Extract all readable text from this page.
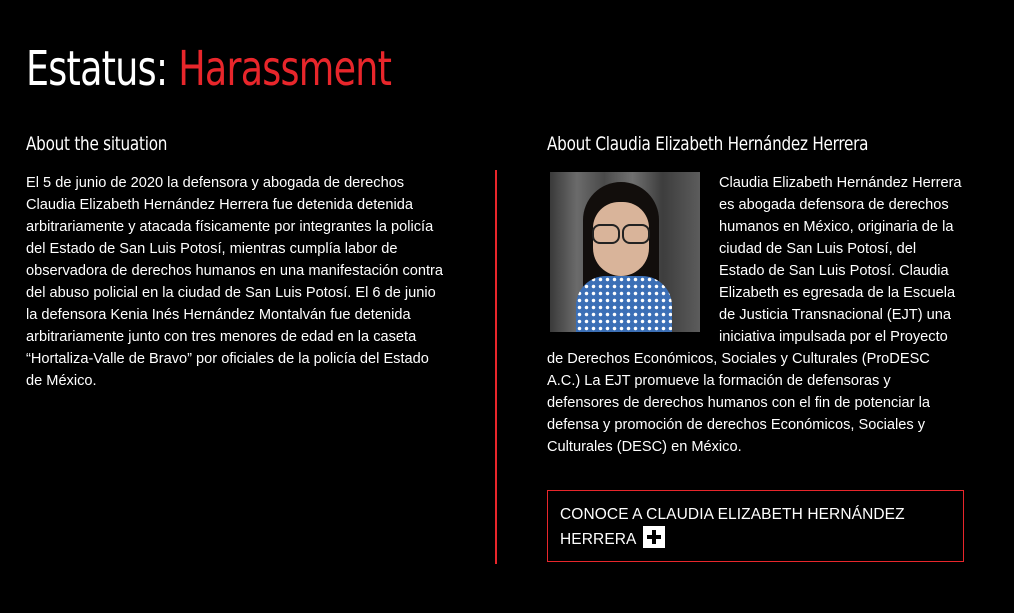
Estatus: Harassment
About the situation

El 5 de junio de 2020 la defensora y abogada de derechos Claudia Elizabeth Hernández Herrera fue detenida detenida arbitrariamente y atacada físicamente por integrantes la policía del Estado de San Luis Potosí, mientras cumplía labor de observadora de derechos humanos en una manifestación contra del abuso policial en la ciudad de San Luis Potosí. El 6 de junio la defensora Kenia Inés Hernández Montalván fue detenida arbitrariamente junto con tres menores de edad en la caseta “Hortaliza-Valle de Bravo” por oficiales de la policía del Estado de México.

About Claudia Elizabeth Hernández Herrera

Claudia Elizabeth Hernández Herrera es abogada defensora de derechos humanos en México, originaria de la ciudad de San Luis Potosí, del Estado de San Luis Potosí. Claudia Elizabeth es egresada de la Escuela de Justicia Transnacional (EJT) una iniciativa impulsada por el Proyecto de Derechos Económicos, Sociales y Culturales (ProDESC A.C.) La EJT promueve la formación de defensoras y defensores de derechos humanos con el fin de potenciar la defensa y promoción de derechos Económicos, Sociales y Culturales (DESC) en México.

CONOCE A CLAUDIA ELIZABETH HERNÁNDEZ HERRERA
